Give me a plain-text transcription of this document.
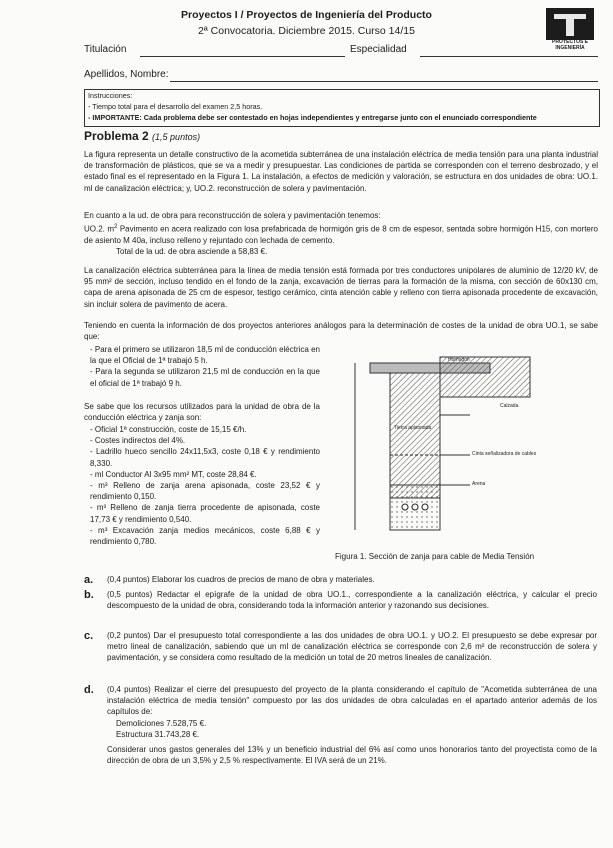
Proyectos I / Proyectos de Ingeniería del Producto
2ª Convocatoria. Diciembre 2015. Curso 14/15
PROYECTOS E INGENIERÍA
Titulación	Especialidad
Apellidos, Nombre:
Instrucciones:
- Tiempo total para el desarrollo del examen 2,5 horas.
- IMPORTANTE: Cada problema debe ser contestado en hojas independientes y entregarse junto con el enunciado correspondiente
Problema 2 (1,5 puntos)
La figura representa un detalle constructivo de la acometida subterránea de una instalación eléctrica de media tensión para una planta industrial de transformación de plásticos, que se va a medir y presupuestar. Las condiciones de partida se corresponden con el terreno desbrozado, y el estado final es el representado en la Figura 1. La instalación, a efectos de medición y valoración, se estructura en dos unidades de obra: UO.1. ml de canalización eléctrica; y, UO.2. reconstrucción de solera y pavimentación.
En cuanto a la ud. de obra para reconstrucción de solera y pavimentación tenemos:
UO.2. $m^2$ Pavimento en acera realizado con losa prefabricada de hormigón gris de 8 cm de espesor, sentada sobre hormigón H15, con mortero de asiento M 40a, incluso relleno y rejuntado con lechada de cemento.
Total de la ud. de obra asciende a 58,83 €.
La canalización eléctrica subterránea para la línea de media tensión está formada por tres conductores unipolares de aluminio de 12/20 kV, de 95 mm² de sección, incluso tendido en el fondo de la zanja, excavación de tierras para la formación de la misma, con sección de 60x130 cm, capa de arena apisonada de 25 cm de espesor, testigo cerámico, cinta atención cable y relleno con tierra apisonada procedente de excavación, sin incluir solera de pavimento de acera.
Teniendo en cuenta la información de dos proyectos anteriores análogos para la determinación de costes de la unidad de obra UO.1, se sabe que:
- Para el primero se utilizaron 18,5 ml de conducción eléctrica en la que el Oficial de 1ª trabajó 5 h.
- Para la segunda se utilizaron 21,5 ml de conducción en la que el oficial de 1ª trabajó 9 h.
Se sabe que los recursos utilizados para la unidad de obra de la conducción eléctrica y zanja son:
- Oficial 1ª construcción, coste de 15,15 €/h.
- Costes indirectos del 4%.
- Ladrillo hueco sencillo 24x11,5x3, coste 0,18 € y rendimiento 8,330.
- ml Conductor Al 3x95 mm² MT, coste 28,84 €.
- m³ Relleno de zanja arena apisonada, coste 23,52 € y rendimiento 0,150.
- m³ Relleno de zanja tierra procedente de apisonada, coste 17,73 € y rendimiento 0,540.
- m³ Excavación zanja medios mecánicos, coste 6,88 € y rendimiento 0,780.
Hormigón
Calzada
Cinta señalizadora de cables
Tierra apisonada
Arena
Figura 1. Sección de zanja para cable de Media Tensión
a. (0,4 puntos) Elaborar los cuadros de precios de mano de obra y materiales.
b. (0,5 puntos) Redactar el epígrafe de la unidad de obra UO.1., correspondiente a la canalización eléctrica, y calcular el precio descompuesto de la unidad de obra, considerando toda la información anterior y razonando sus decisiones.
c. (0,2 puntos) Dar el presupuesto total correspondiente a las dos unidades de obra UO.1. y UO.2. El presupuesto se debe expresar por metro lineal de canalización, sabiendo que un ml de canalización eléctrica se corresponde con 2,6 m² de reconstrucción de solera y pavimentación, y se considera como resultado de la medición un total de 20 metros lineales de canalización.
d. (0,4 puntos) Realizar el cierre del presupuesto del proyecto de la planta considerando el capítulo de "Acometida subterránea de una instalación eléctrica de media tensión" compuesto por las dos unidades de obra calculadas en el apartado anterior además de los capítulos de:
Demoliciones 7.528,75 €.
Estructura 31.743,28 €.
Considerar unos gastos generales del 13% y un beneficio industrial del 6% así como unos honorarios tanto del proyectista como de la dirección de obra de un 3,5% y 2,5 % respectivamente. El IVA será de un 21%.
